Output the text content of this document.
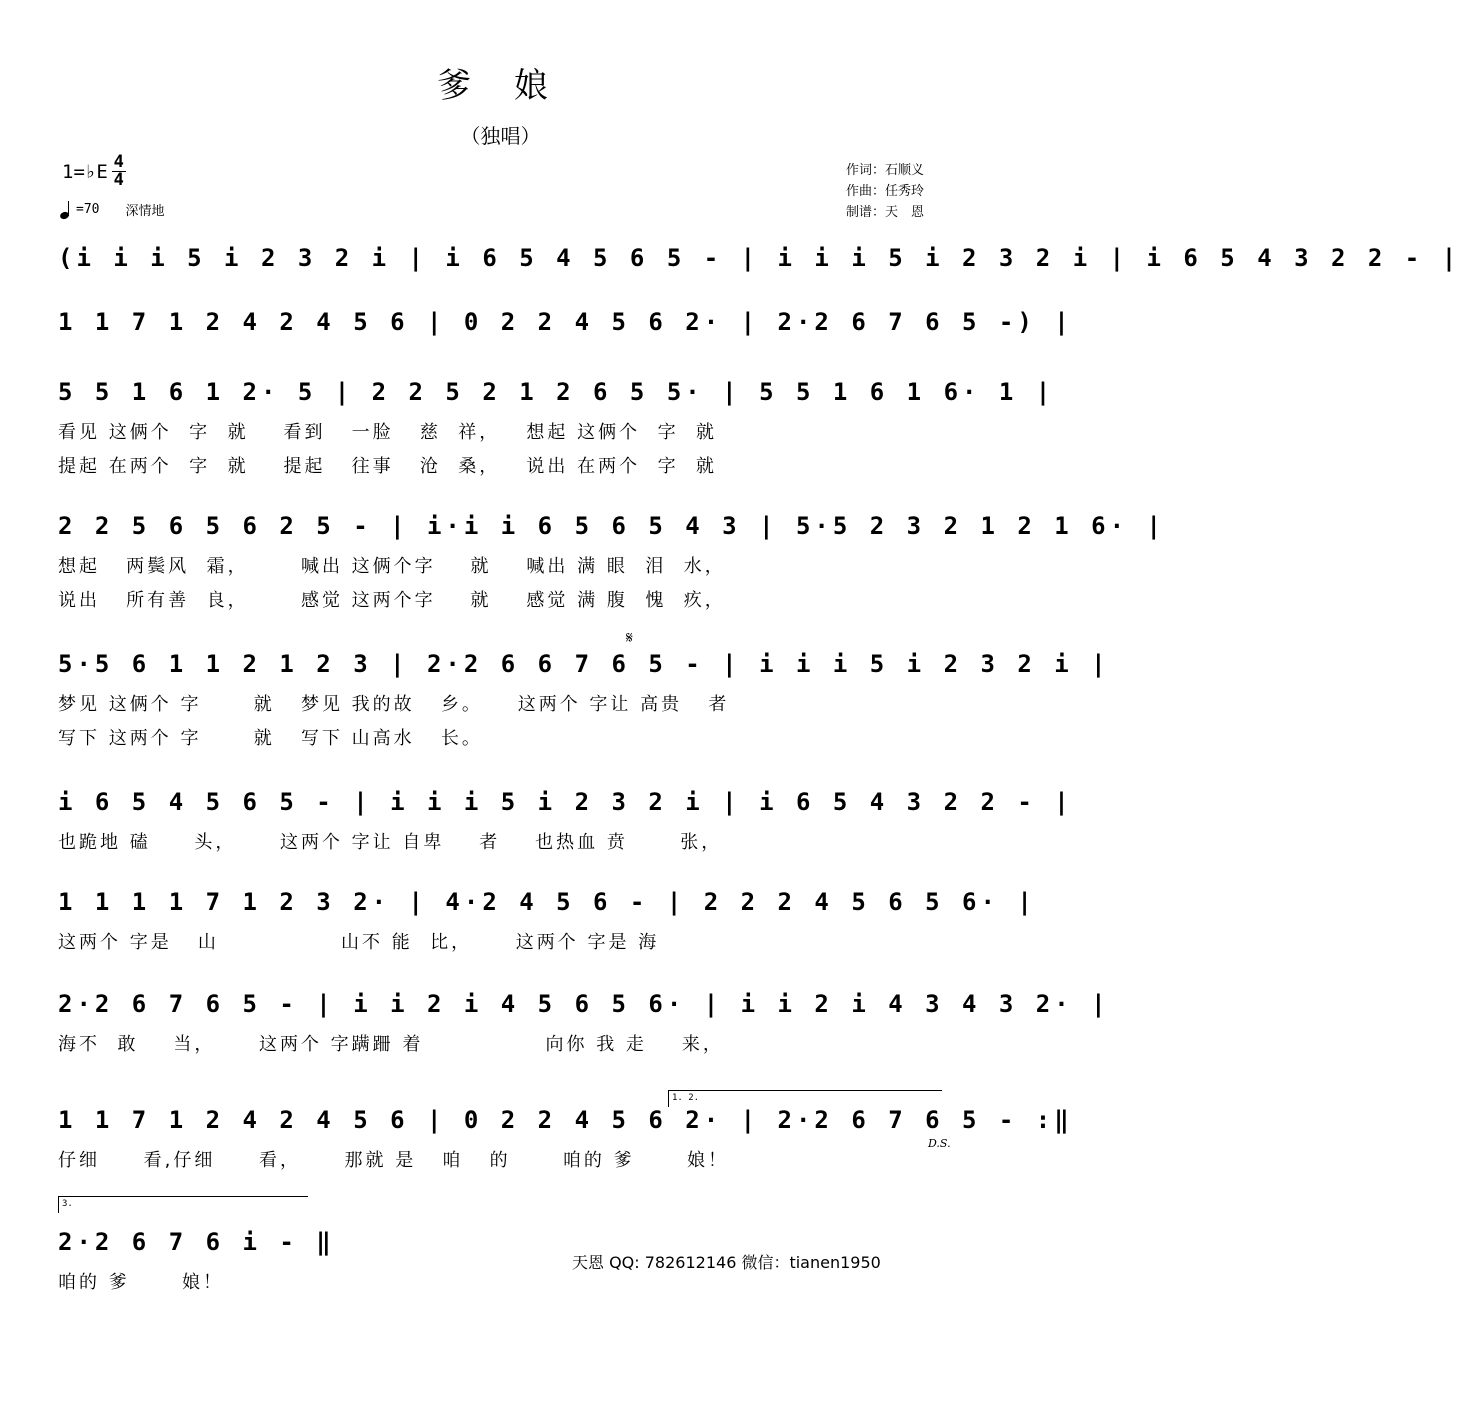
爹 娘
（独唱）
1=♭E $\frac{4}{4}$
=70 深情地
作词：石顺义
作曲：任秀玲
制谱：天　恩
(i i i 5 i 2 3 2 i | i 6 5 4 5 6 5 - | i i i 5 i 2 3 2 i | i 6 5 4 3 2 2 - |
1 1 7 1 2 4 2 4 5 6 | 0 2 2 4 5 6 2· | 2·2 6 7 6 5 -) |
5 5 1 6 1 2· 5 | 2 2 5 2 1 2 6 5 5· | 5 5 1 6 1 6· 1 |
看见 这俩个  字  就    看到   一脸   慈  祥，   想起 这俩个  字  就
提起 在两个  字  就    提起   往事   沧  桑，   说出 在两个  字  就
2 2 5 6 5 6 2 5 - | i·i i 6 5 6 5 4 3 | 5·5 2 3 2 1 2 1 6· |
想起   两鬓风  霜，      喊出 这俩个字    就    喊出 满 眼  泪  水，
说出   所有善  良，      感觉 这两个字    就    感觉 满 腹  愧  疚，
5·5 6 1 1 2 1 2 3 | 2·2 6 6 7 6 5 - | i i i 5 i 2 3 2 i |
梦见 这俩个 字      就   梦见 我的故   乡。    这两个 字让 高贵   者
写下 这两个 字      就   写下 山高水   长。
i 6 5 4 5 6 5 - | i i i 5 i 2 3 2 i | i 6 5 4 3 2 2 - |
也跪地 磕     头，     这两个 字让 自卑    者    也热血 贲      张，
1 1 1 1 7 1 2 3 2· | 4·2 4 5 6 - | 2 2 2 4 5 6 5 6· |
这两个 字是   山              山不 能  比，     这两个 字是 海
2·2 6 7 6 5 - | i i 2 i 4 5 6 5 6· | i i 2 i 4 3 4 3 2· |
海不  敢    当，     这两个 字蹒跚 着              向你 我 走    来，
1 1 7 1 2 4 2 4 5 6 | 0 2 2 4 5 6 2· | 2·2 6 7 6 5 - :‖
仔细     看,仔细     看，     那就 是   咱   的      咱的 爹      娘！
2·2 6 7 6 i - ‖
咱的 爹      娘！
𝄋
1. 2.
3.
D.S.
天恩 QQ: 782612146 微信：tianen1950
